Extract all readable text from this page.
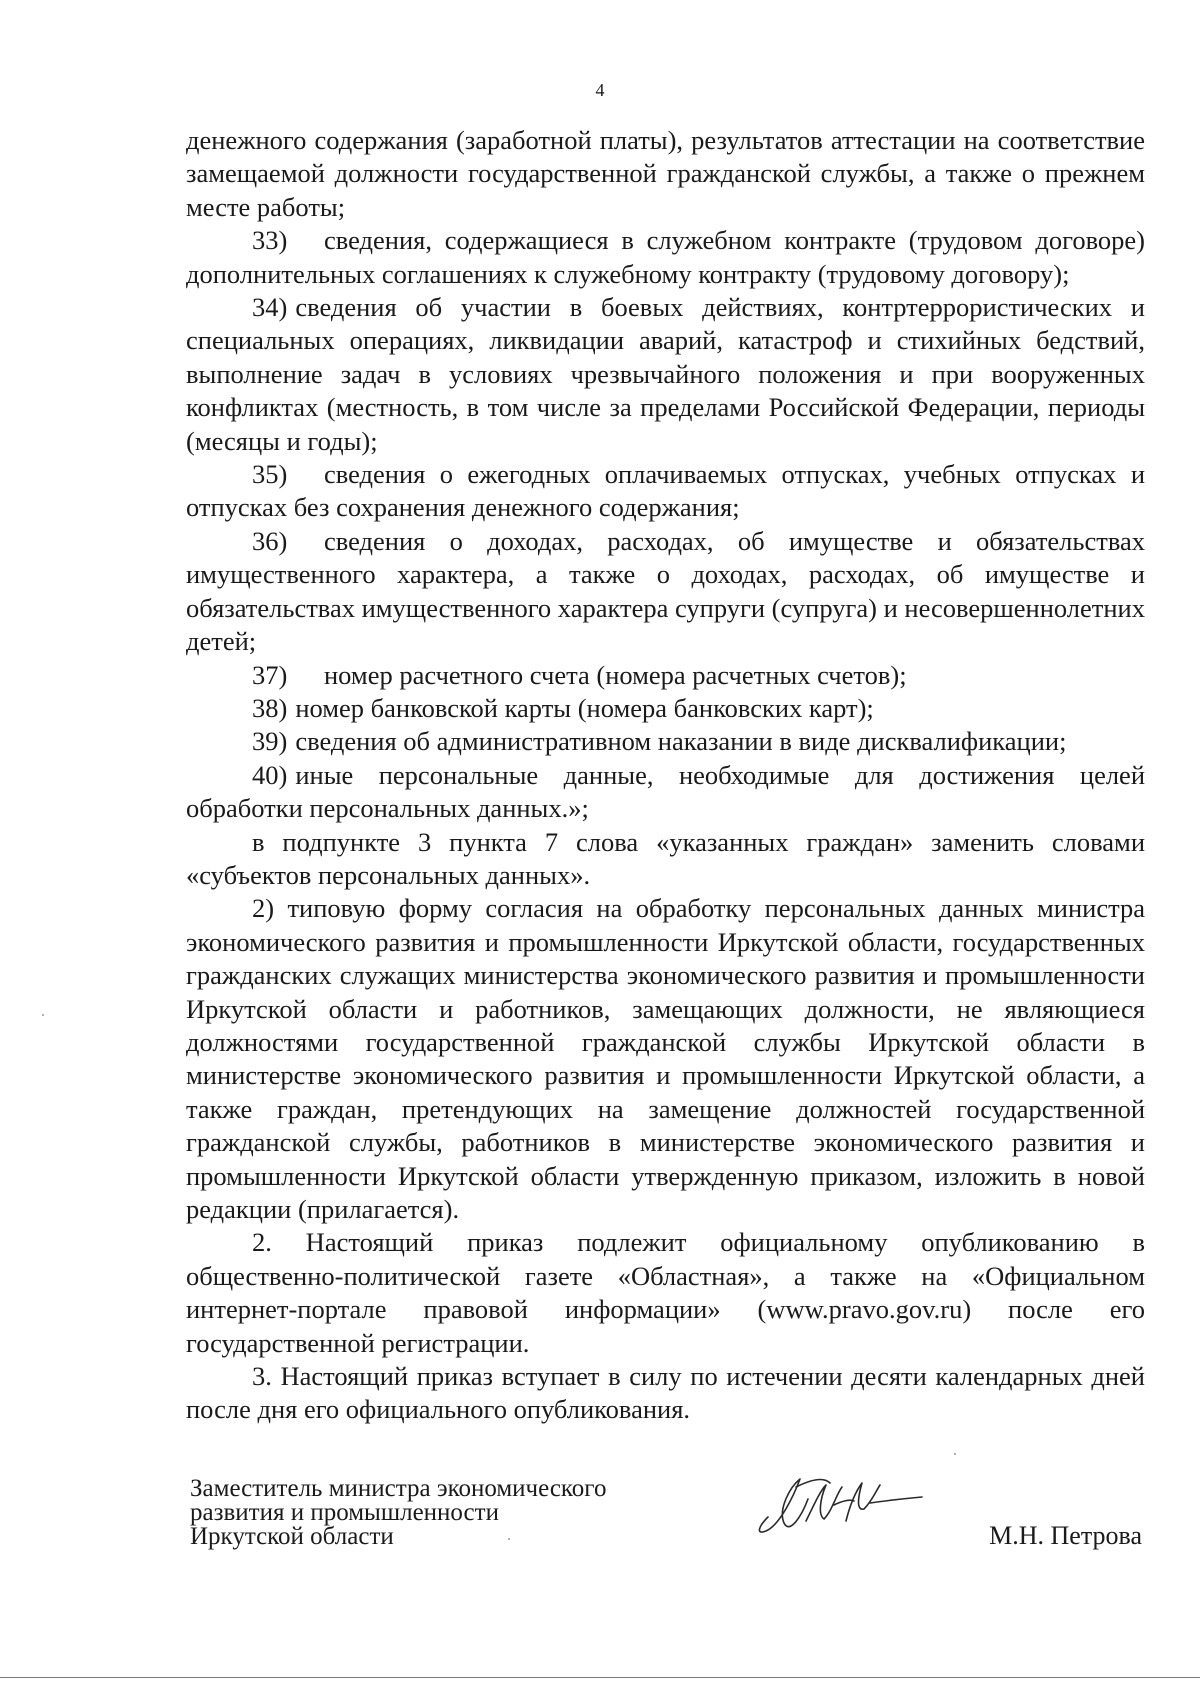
4

денежного содержания (заработной платы), результатов аттестации на соответствие замещаемой должности государственной гражданской службы, а также о прежнем месте работы;

33) сведения, содержащиеся в служебном контракте (трудовом договоре) дополнительных соглашениях к служебному контракту (трудовому договору);

34) сведения об участии в боевых действиях, контртеррористических и специальных операциях, ликвидации аварий, катастроф и стихийных бедствий, выполнение задач в условиях чрезвычайного положения и при вооруженных конфликтах (местность, в том числе за пределами Российской Федерации, периоды (месяцы и годы);

35) сведения о ежегодных оплачиваемых отпусках, учебных отпусках и отпусках без сохранения денежного содержания;

36) сведения о доходах, расходах, об имуществе и обязательствах имущественного характера, а также о доходах, расходах, об имуществе и обязательствах имущественного характера супруги (супруга) и несовершеннолетних детей;

37) номер расчетного счета (номера расчетных счетов);

38) номер банковской карты (номера банковских карт);

39) сведения об административном наказании в виде дисквалификации;

40) иные персональные данные, необходимые для достижения целей обработки персональных данных.»;

в подпункте 3 пункта 7 слова «указанных граждан» заменить словами «субъектов персональных данных».

2) типовую форму согласия на обработку персональных данных министра экономического развития и промышленности Иркутской области, государственных гражданских служащих министерства экономического развития и промышленности Иркутской области и работников, замещающих должности, не являющиеся должностями государственной гражданской службы Иркутской области в министерстве экономического развития и промышленности Иркутской области, а также граждан, претендующих на замещение должностей государственной гражданской службы, работников в министерстве экономического развития и промышленности Иркутской области утвержденную приказом, изложить в новой редакции (прилагается).

2. Настоящий приказ подлежит официальному опубликованию в общественно-политической газете «Областная», а также на «Официальном интернет-портале правовой информации» (www.pravo.gov.ru) после его государственной регистрации.

3. Настоящий приказ вступает в силу по истечении десяти календарных дней после дня его официального опубликования.

Заместитель министра экономического
развития и промышленности
Иркутской области	М.Н. Петрова
